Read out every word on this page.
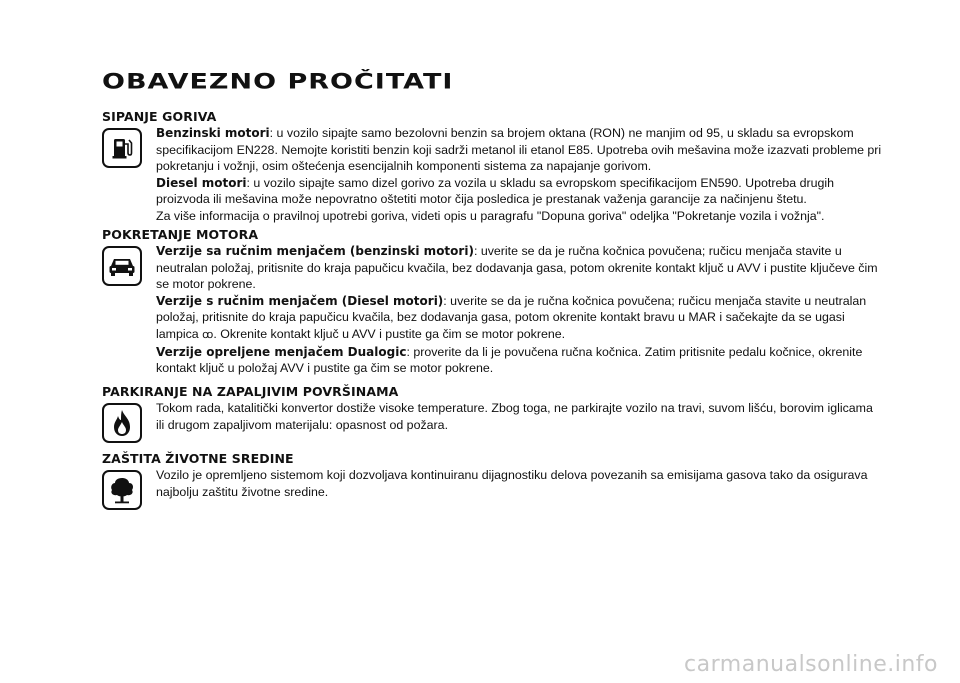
OBAVEZNO PROČITATI
SIPANJE GORIVA

Benzinski motori: u vozilo sipajte samo bezolovni benzin sa brojem oktana (RON) ne manjim od 95, u skladu sa evropskom specifikacijom EN228. Nemojte koristiti benzin koji sadrži metanol ili etanol E85. Upotreba ovih mešavina može izazvati probleme pri pokretanju i vožnji, osim oštećenja esencijalnih komponenti sistema za napajanje gorivom.

Diesel motori: u vozilo sipajte samo dizel gorivo za vozila u skladu sa evropskom specifikacijom EN590. Upotreba drugih proizvoda ili mešavina može nepovratno oštetiti motor čija posledica je prestanak važenja garancije za načinjenu štetu.

Za više informacija o pravilnoj upotrebi goriva, videti opis u paragrafu "Dopuna goriva" odeljka "Pokretanje vozila i vožnja".

POKRETANJE MOTORA

Verzije sa ručnim menjačem (benzinski motori): uverite se da je ručna kočnica povučena; ručicu menjača stavite u neutralan položaj, pritisnite do kraja papučicu kvačila, bez dodavanja gasa, potom okrenite kontakt ključ u AVV i pustite ključeve čim se motor pokrene.

Verzije s ručnim menjačem (Diesel motori): uverite se da je ručna kočnica povučena; ručicu menjača stavite u neutralan položaj, pritisnite do kraja papučicu kvačila, bez dodavanja gasa, potom okrenite kontakt bravu u MAR i sačekajte da se ugasi lampica ꝏ. Okrenite kontakt ključ u AVV i pustite ga čim se motor pokrene.

Verzije opreljene menjačem Dualogic: proverite da li je povučena ručna kočnica. Zatim pritisnite pedalu kočnice, okrenite kontakt ključ u položaj AVV i pustite ga čim se motor pokrene.

PARKIRANJE NA ZAPALJIVIM POVRŠINAMA

Tokom rada, katalitički konvertor dostiže visoke temperature. Zbog toga, ne parkirajte vozilo na travi, suvom lišću, borovim iglicama ili drugom zapaljivom materijalu: opasnost od požara.

ZAŠTITA ŽIVOTNE SREDINE

Vozilo je opremljeno sistemom koji dozvoljava kontinuiranu dijagnostiku delova povezanih sa emisijama gasova tako da osigurava najbolju zaštitu životne sredine.

carmanualsonline.info
